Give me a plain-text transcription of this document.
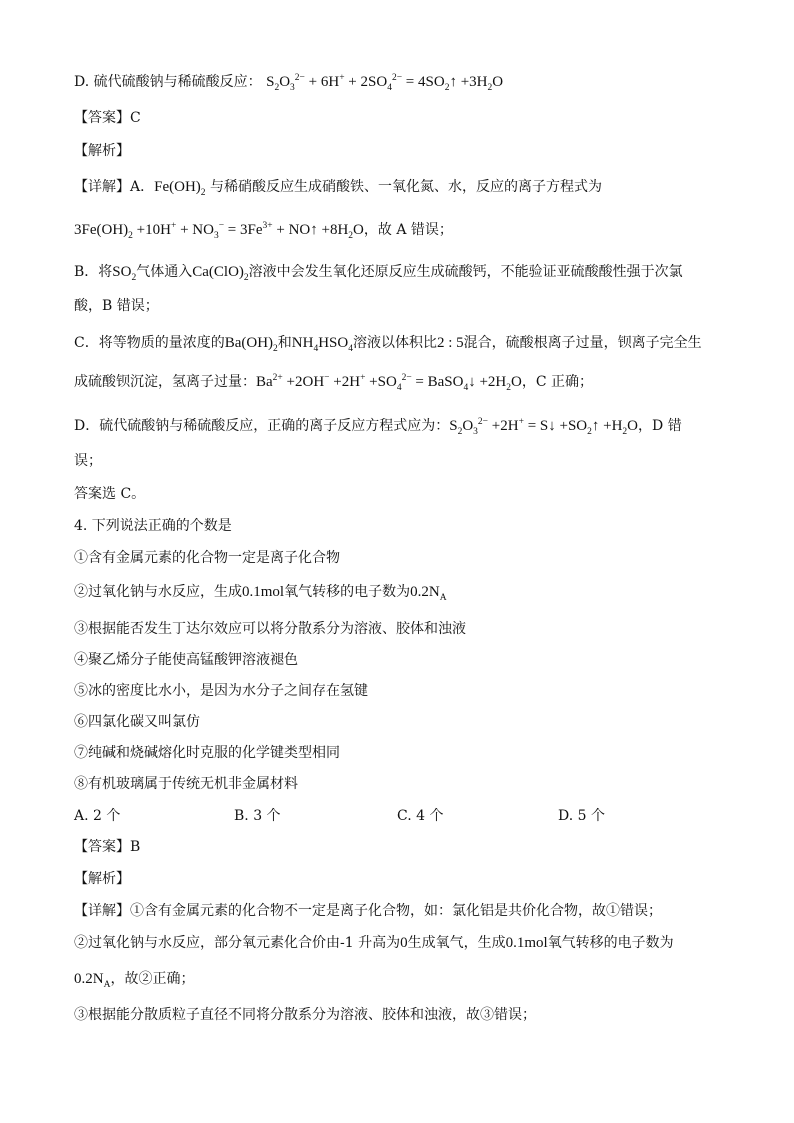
D. 硫代硫酸钠与稀硫酸反应： $S_2O_3^{2-} + 6H^+ + 2SO_4^{2-}$ = $4SO_2↑ +3H_2O$
【答案】C
【解析】
【详解】A．$Fe(OH)_2$ 与稀硝酸反应生成硝酸铁、一氧化氮、水，反应的离子方程式为
$3Fe(OH)_2 +10H^+ + NO_3^- = 3Fe^{3+}$ + NO↑ $+8H_2O$，故 A 错误；
B．将$SO_2$气体通入$Ca(ClO)_2$溶液中会发生氧化还原反应生成硫酸钙，不能验证亚硫酸酸性强于次氯
酸，B 错误；
C．将等物质的量浓度的$Ba(OH)_2$和$NH_4HSO_4$溶液以体积比2 : 5混合，硫酸根离子过量，钡离子完全生
成硫酸钡沉淀，氢离子过量：$Ba^{2+} +2OH^- +2H^+ +SO_4^{2-}$ = BaSO$_4$↓ $+2H_2O$，C 正确；
D．硫代硫酸钠与稀硫酸反应，正确的离子反应方程式应为：$S_2O_3^{2-} +2H^+$ = S↓ $+SO_2↑ +H_2O$，D 错
误；
答案选 C。
4. 下列说法正确的个数是
①含有金属元素的化合物一定是离子化合物
②过氧化钠与水反应，生成0.1mol氧气转移的电子数为$0.2N_A$
③根据能否发生丁达尔效应可以将分散系分为溶液、胶体和浊液
④聚乙烯分子能使高锰酸钾溶液褪色
⑤冰的密度比水小，是因为水分子之间存在氢键
⑥四氯化碳又叫氯仿
⑦纯碱和烧碱熔化时克服的化学键类型相同
⑧有机玻璃属于传统无机非金属材料
A. 2 个	B. 3 个	C. 4 个	D. 5 个
【答案】B
【解析】
【详解】①含有金属元素的化合物不一定是离子化合物，如：氯化铝是共价化合物，故①错误；
②过氧化钠与水反应，部分氧元素化合价由-1 升高为0生成氧气，生成0.1mol氧气转移的电子数为
$0.2N_A$，故②正确；
③根据能分散质粒子直径不同将分散系分为溶液、胶体和浊液，故③错误；
